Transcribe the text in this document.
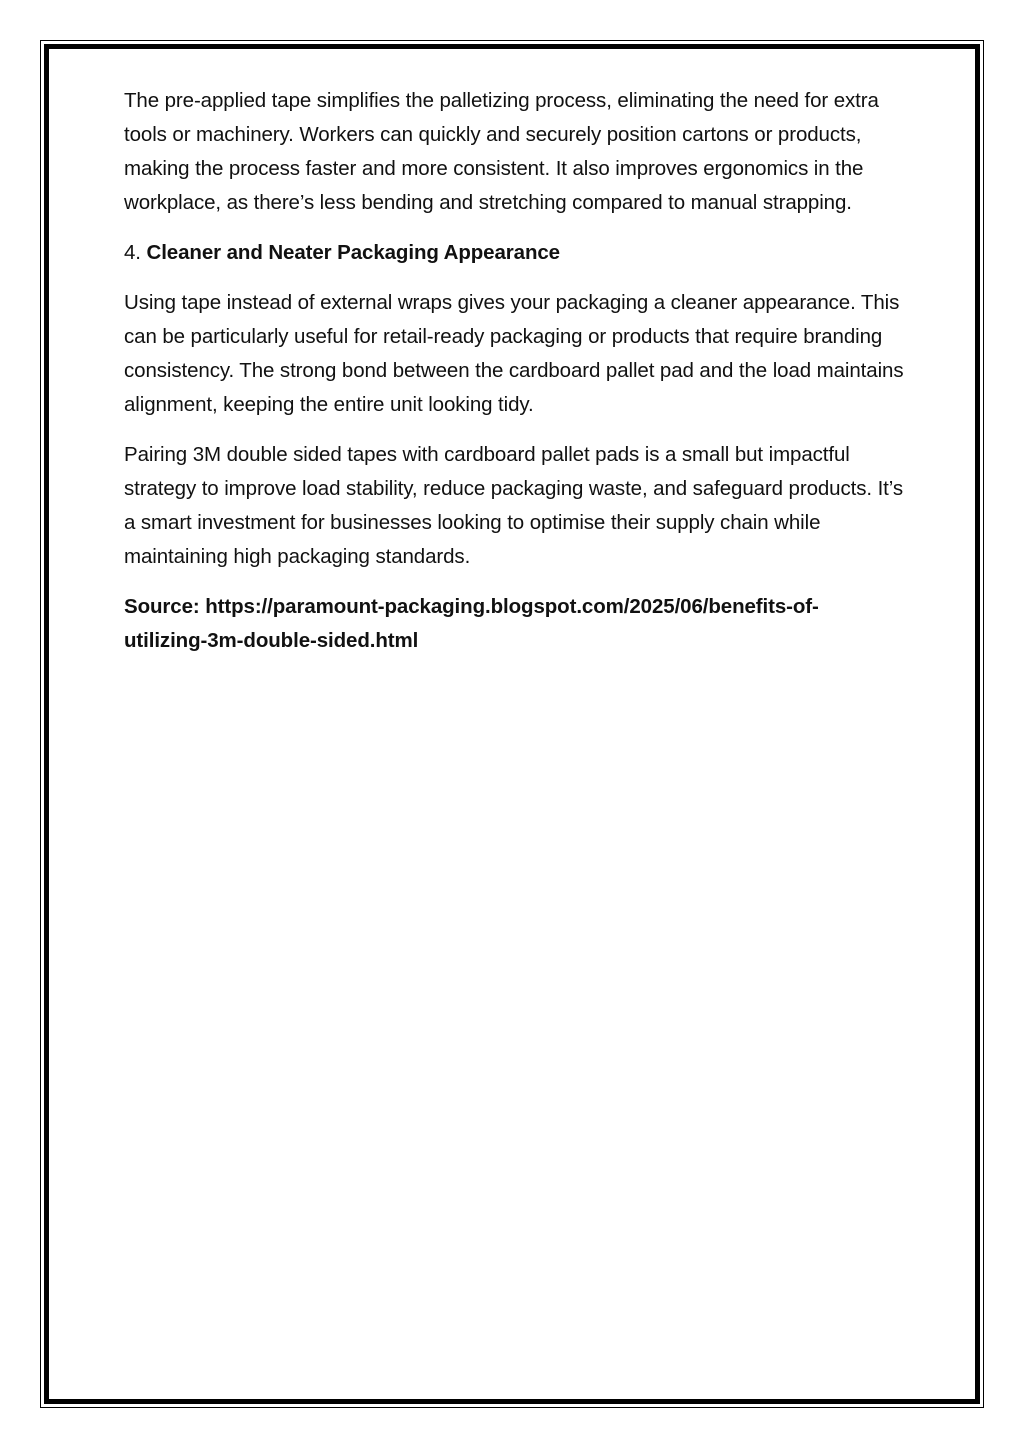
The pre-applied tape simplifies the palletizing process, eliminating the need for extra tools or machinery. Workers can quickly and securely position cartons or products, making the process faster and more consistent. It also improves ergonomics in the workplace, as there’s less bending and stretching compared to manual strapping.

4. Cleaner and Neater Packaging Appearance

Using tape instead of external wraps gives your packaging a cleaner appearance. This can be particularly useful for retail-ready packaging or products that require branding consistency. The strong bond between the cardboard pallet pad and the load maintains alignment, keeping the entire unit looking tidy.

Pairing 3M double sided tapes with cardboard pallet pads is a small but impactful strategy to improve load stability, reduce packaging waste, and safeguard products. It’s a smart investment for businesses looking to optimise their supply chain while maintaining high packaging standards.

Source: https://paramount-packaging.blogspot.com/2025/06/benefits-of-
utilizing-3m-double-sided.html
